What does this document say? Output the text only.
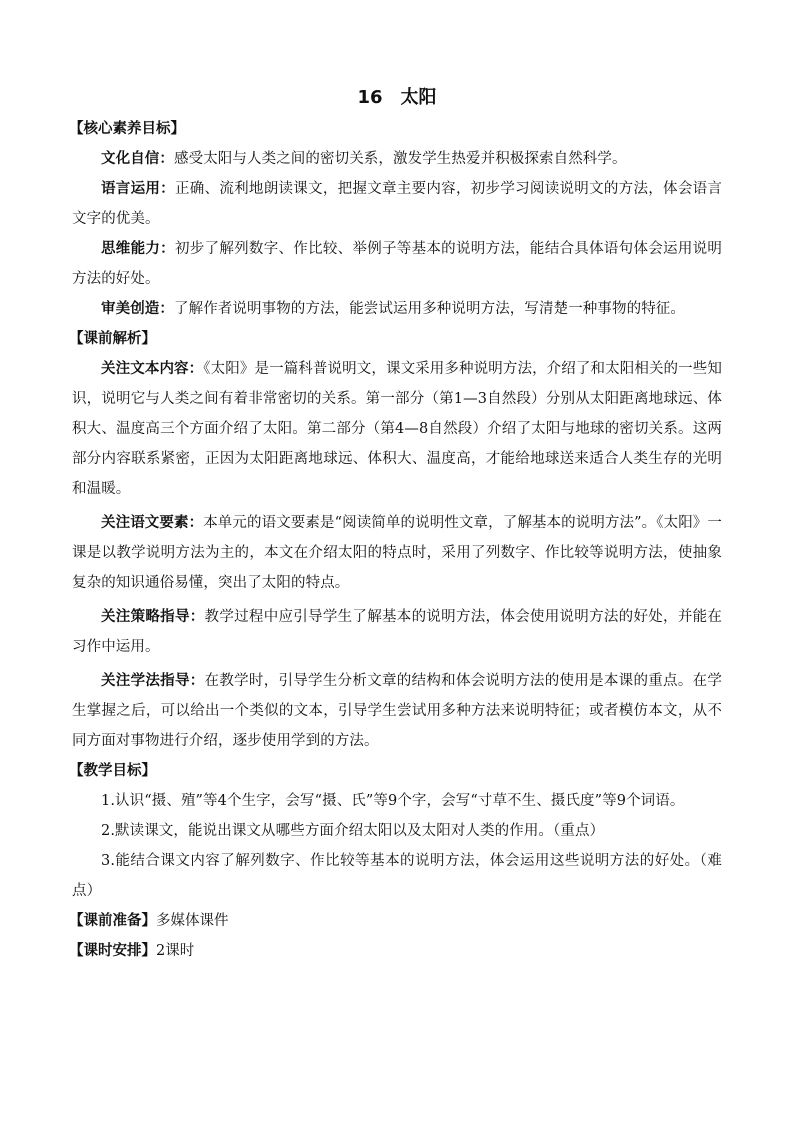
16 太阳
【核心素养目标】

文化自信：感受太阳与人类之间的密切关系，激发学生热爱并积极探索自然科学。

语言运用：正确、流利地朗读课文，把握文章主要内容，初步学习阅读说明文的方法，体会语言文字的优美。

思维能力：初步了解列数字、作比较、举例子等基本的说明方法，能结合具体语句体会运用说明方法的好处。

审美创造：了解作者说明事物的方法，能尝试运用多种说明方法，写清楚一种事物的特征。

【课前解析】

关注文本内容：《太阳》是一篇科普说明文，课文采用多种说明方法，介绍了和太阳相关的一些知识，说明它与人类之间有着非常密切的关系。第一部分（第1—3自然段）分别从太阳距离地球远、体积大、温度高三个方面介绍了太阳。第二部分（第4—8自然段）介绍了太阳与地球的密切关系。这两部分内容联系紧密，正因为太阳距离地球远、体积大、温度高，才能给地球送来适合人类生存的光明和温暖。

关注语文要素：本单元的语文要素是“阅读简单的说明性文章，了解基本的说明方法”。《太阳》一课是以教学说明方法为主的，本文在介绍太阳的特点时，采用了列数字、作比较等说明方法，使抽象复杂的知识通俗易懂，突出了太阳的特点。

关注策略指导：教学过程中应引导学生了解基本的说明方法，体会使用说明方法的好处，并能在习作中运用。

关注学法指导：在教学时，引导学生分析文章的结构和体会说明方法的使用是本课的重点。在学生掌握之后，可以给出一个类似的文本，引导学生尝试用多种方法来说明特征；或者模仿本文，从不同方面对事物进行介绍，逐步使用学到的方法。

【教学目标】

1.认识“摄、殖”等4个生字，会写“摄、氏”等9个字，会写“寸草不生、摄氏度”等9个词语。

2.默读课文，能说出课文从哪些方面介绍太阳以及太阳对人类的作用。（重点）

3.能结合课文内容了解列数字、作比较等基本的说明方法，体会运用这些说明方法的好处。（难点）

【课前准备】多媒体课件
【课时安排】2课时
